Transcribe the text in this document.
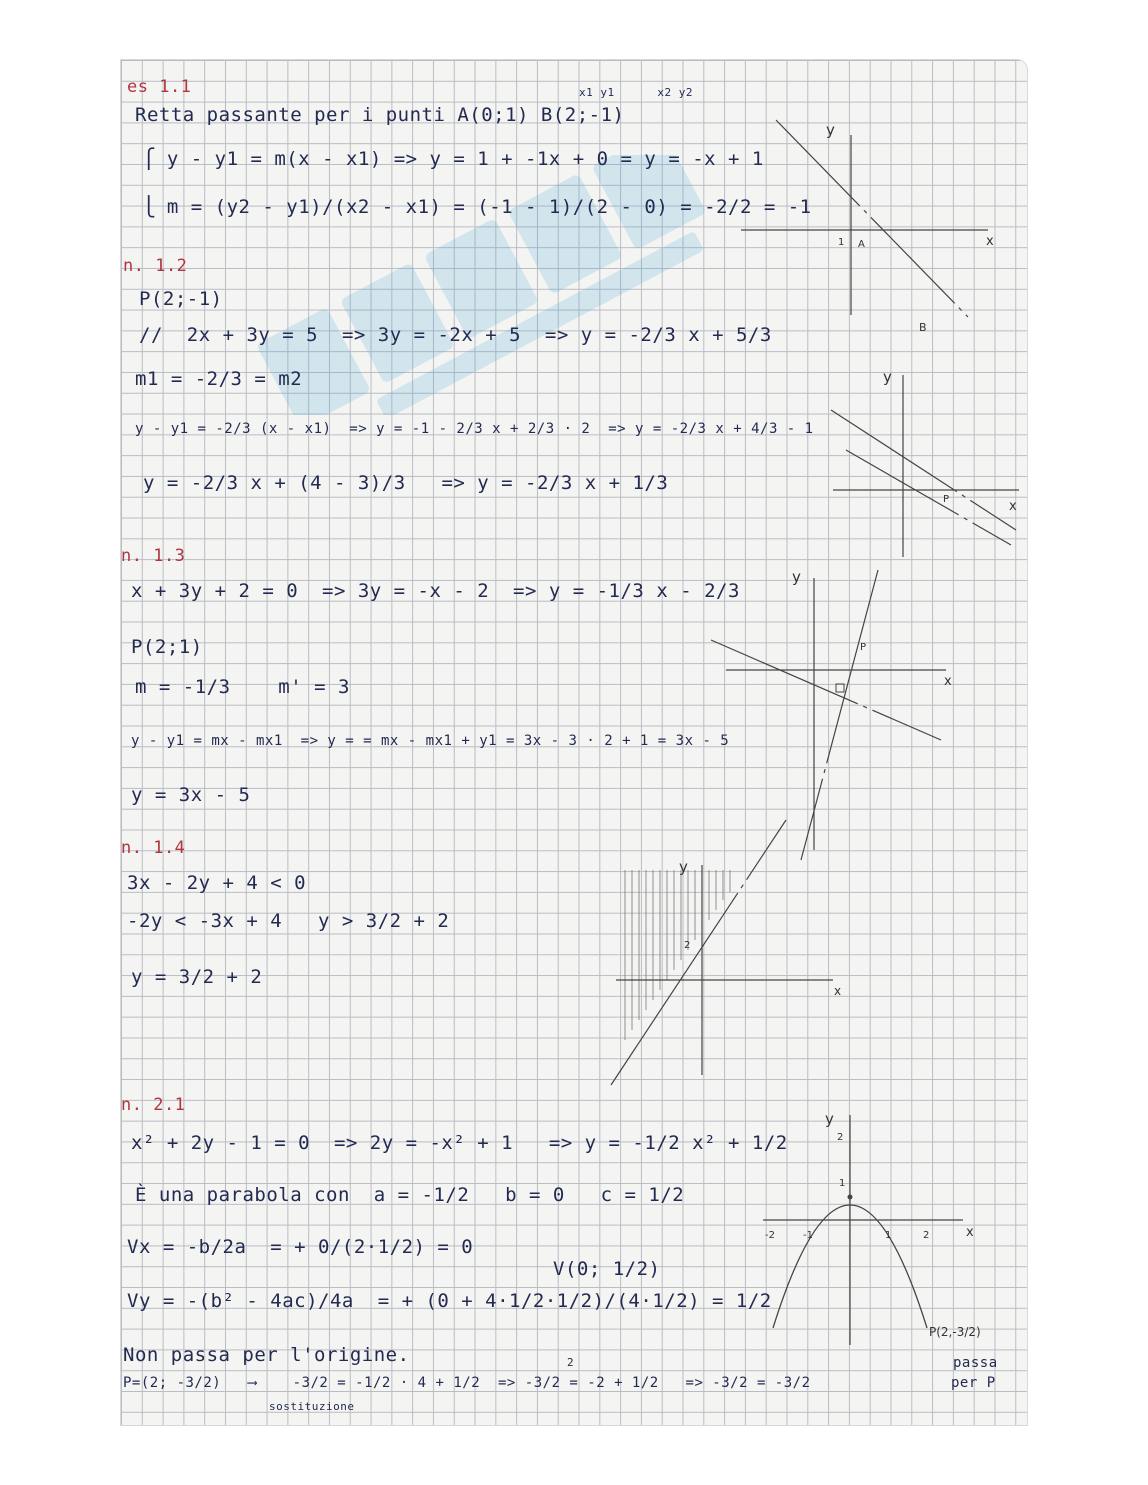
es 1.1	x1 y1      x2 y2
Retta passante per i punti A(0;1) B(2;-1)
⎧ y - y1 = m(x - x1) => y = 1 + -1x + 0 = y = -x + 1
⎩ m = (y2 - y1)/(x2 - x1) = (-1 - 1)/(2 - 0) = -2/2 = -1
x
y
1 A
B
n. 1.2
P(2;-1)
//  2x + 3y = 5  => 3y = -2x + 5  => y = -2/3 x + 5/3
m1 = -2/3 = m2
y - y1 = -2/3 (x - x1)  => y = -1 - 2/3 x + 2/3 · 2  => y = -2/3 x + 4/3 - 1
y = -2/3 x + (4 - 3)/3   => y = -2/3 x + 1/3
x
y
P
n. 1.3
x + 3y + 2 = 0  => 3y = -x - 2  => y = -1/3 x - 2/3
P(2;1)
m = -1/3    m' = 3
y - y1 = mx - mx1  => y = = mx - mx1 + y1 = 3x - 3 · 2 + 1 = 3x - 5
y = 3x - 5
x
y
P
n. 1.4
3x - 2y + 4 < 0
-2y < -3x + 4   y > 3/2 + 2
y = 3/2 + 2
x
y
2
n. 2.1
x² + 2y - 1 = 0  => 2y = -x² + 1   => y = -1/2 x² + 1/2
È una parabola con  a = -1/2   b = 0   c = 1/2
Vx = -b/2a  = + 0/(2·1/2) = 0
V(0; 1/2)
Vy = -(b² - 4ac)/4a  = + (0 + 4·1/2·1/2)/(4·1/2) = 1/2
Non passa per l'origine.	2
P=(2; -3/2)   ⟶    -3/2 = -1/2 · 4 + 1/2  => -3/2 = -2 + 1/2   => -3/2 = -3/2
sostituzione
passa
per P
x
y
-2	-1	1	2
2
1
P(2,-3/2)
